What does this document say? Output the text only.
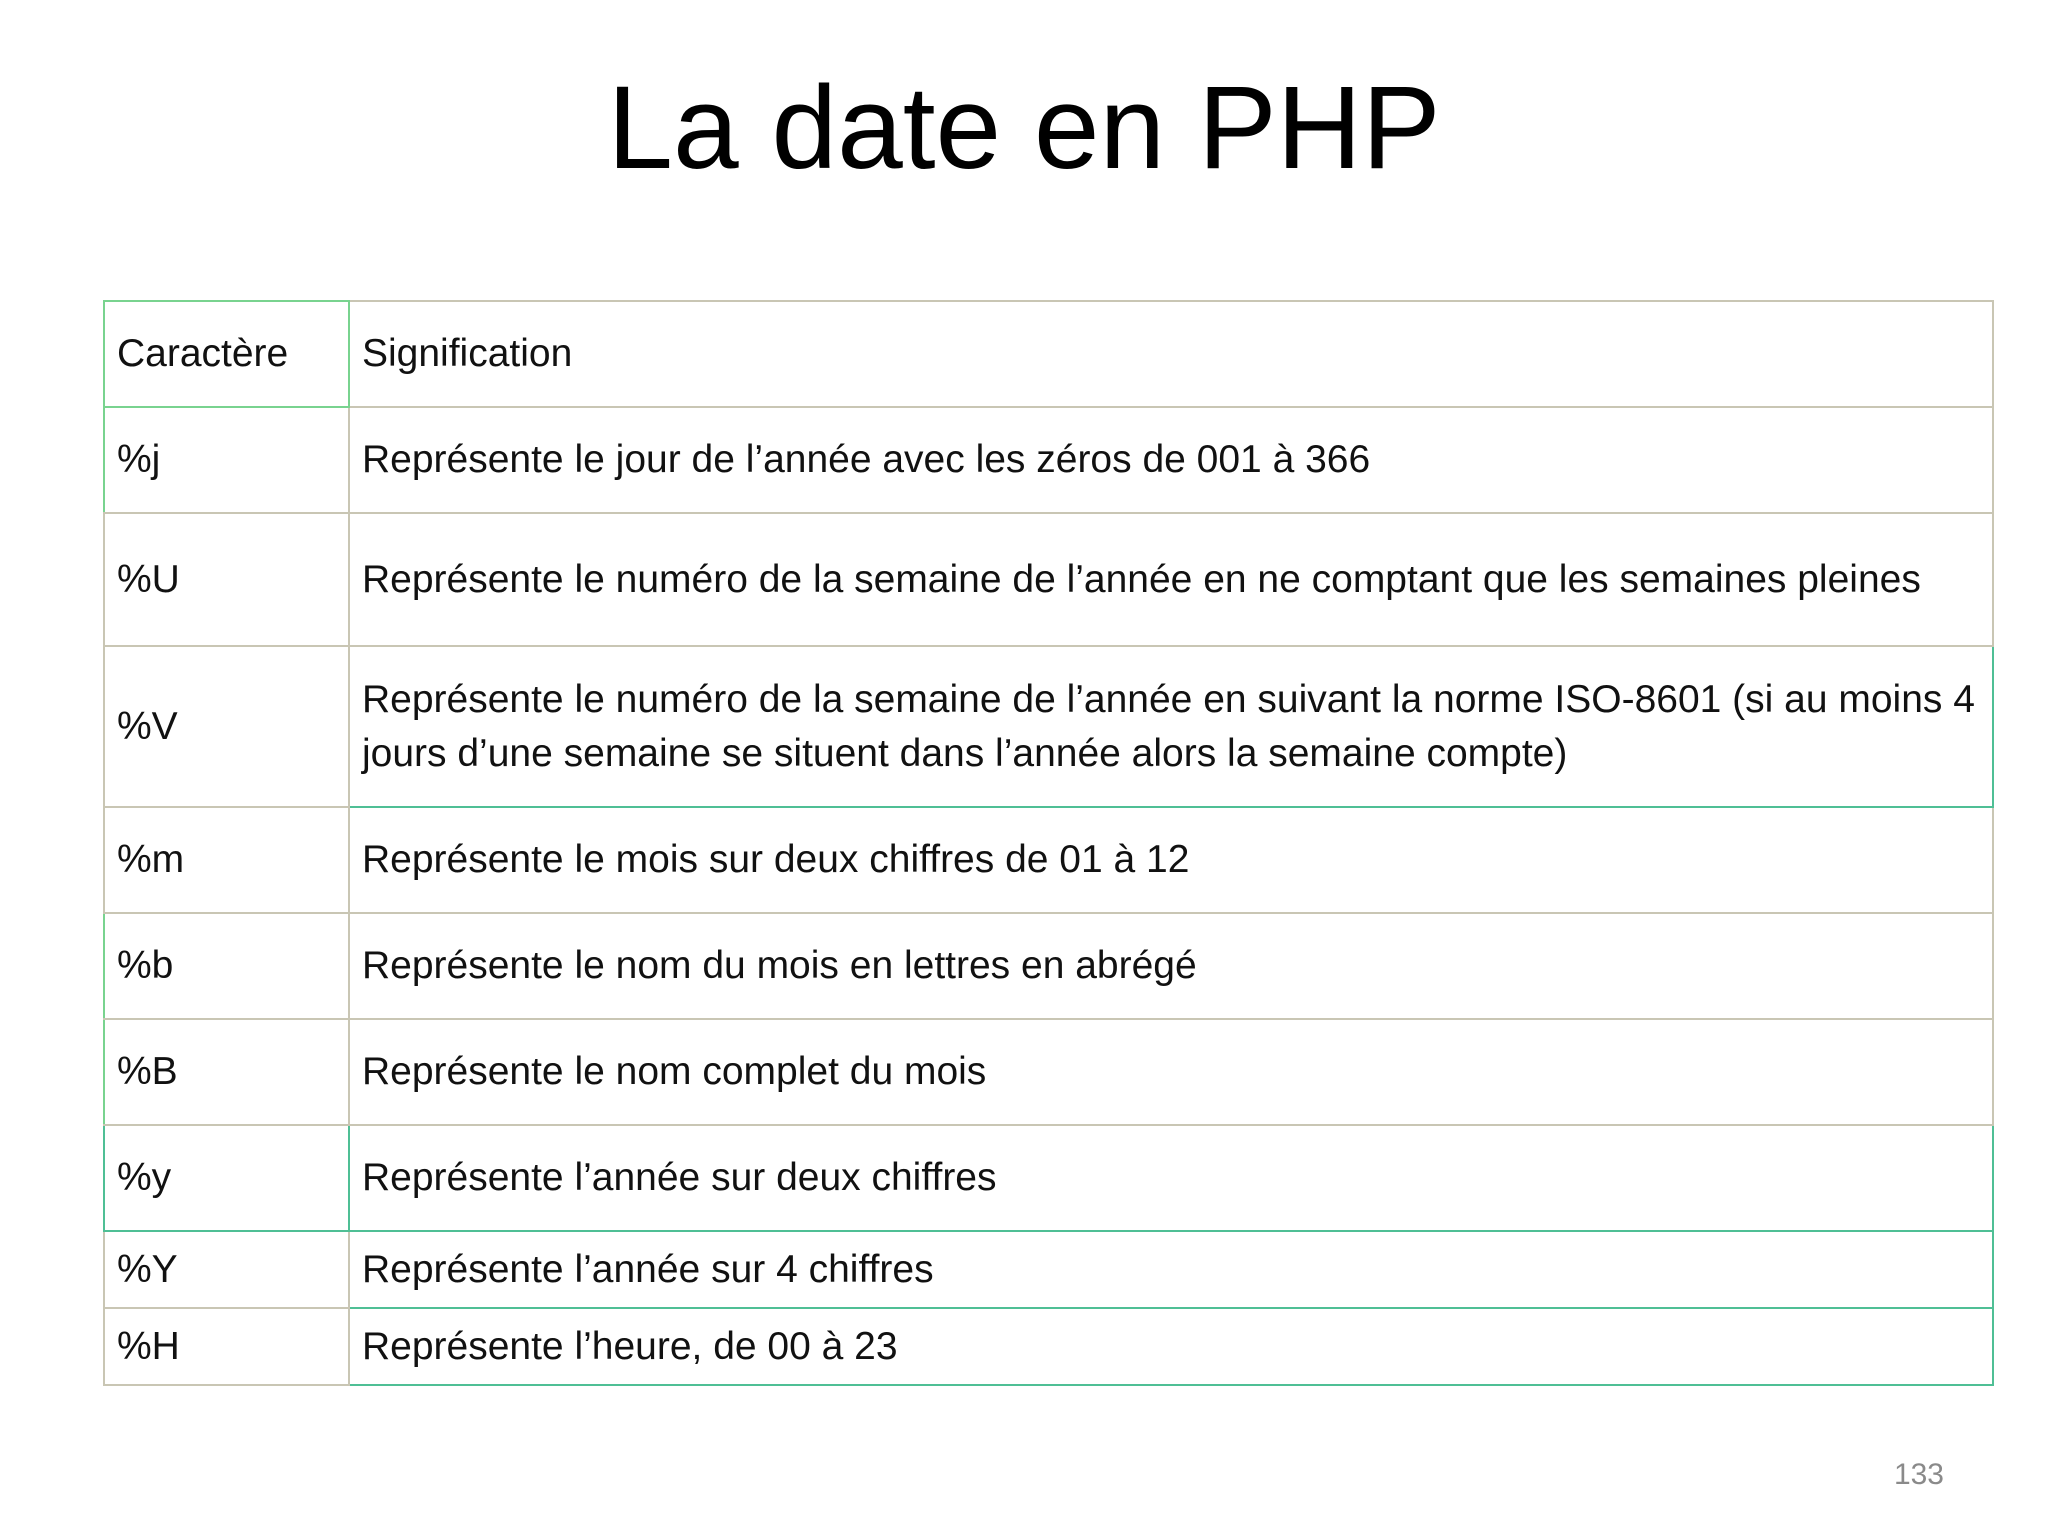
La date en PHP
Caractère	Signification
%j	Représente le jour de l’année avec les zéros de 001 à 366
%U	Représente le numéro de la semaine de l’année en ne comptant que les semaines pleines
%V	Représente le numéro de la semaine de l’année en suivant la norme ISO-8601 (si au moins 4 jours d’une semaine se situent dans l’année alors la semaine compte)
%m	Représente le mois sur deux chiffres de 01 à 12
%b	Représente le nom du mois en lettres en abrégé
%B	Représente le nom complet du mois
%y	Représente l’année sur deux chiffres
%Y	Représente l’année sur 4 chiffres
%H	Représente l’heure, de 00 à 23
133
